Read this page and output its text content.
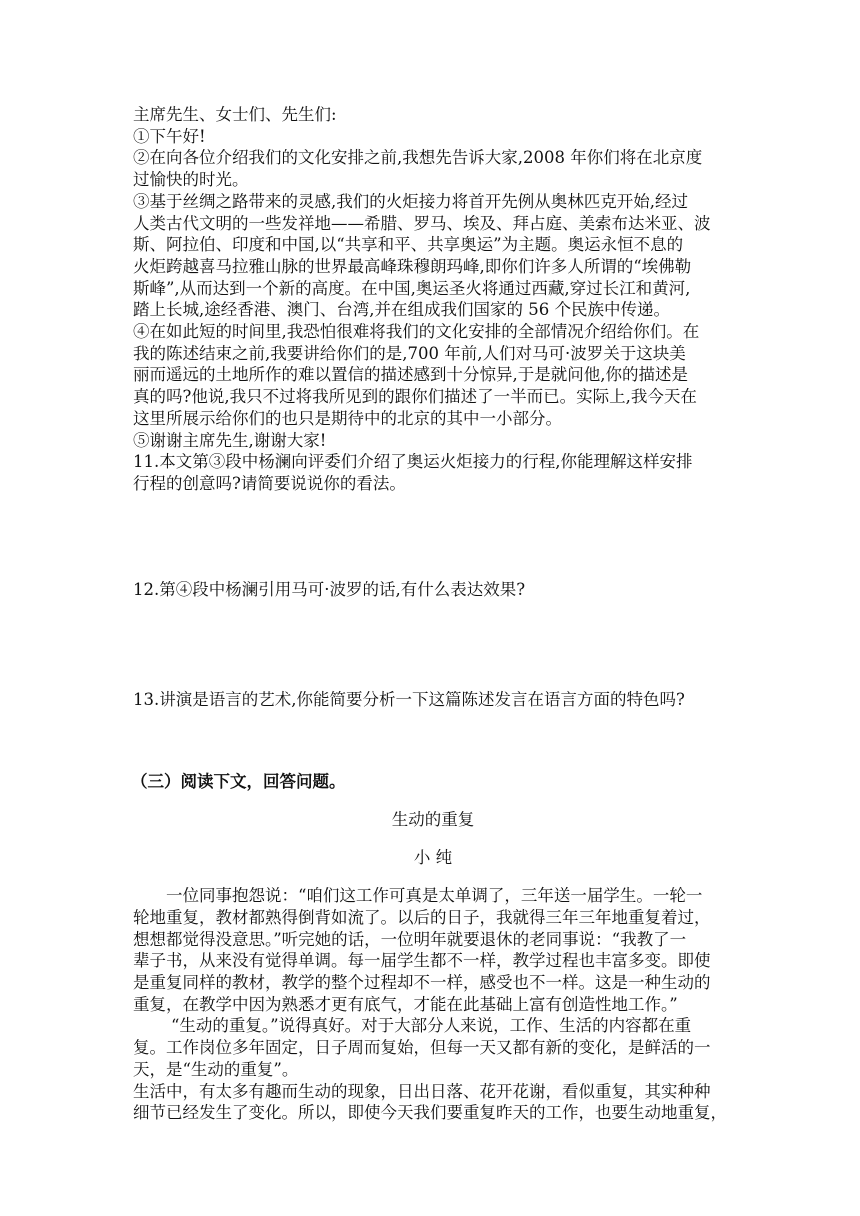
主席先生、女士们、先生们:

①下午好!

②在向各位介绍我们的文化安排之前,我想先告诉大家,2008 年你们将在北京度

过愉快的时光。

③基于丝绸之路带来的灵感,我们的火炬接力将首开先例从奥林匹克开始,经过

人类古代文明的一些发祥地——希腊、罗马、埃及、拜占庭、美索布达米亚、波

斯、阿拉伯、印度和中国,以“共享和平、共享奥运”为主题。奥运永恒不息的

火炬跨越喜马拉雅山脉的世界最高峰珠穆朗玛峰,即你们许多人所谓的“埃佛勒

斯峰”,从而达到一个新的高度。在中国,奥运圣火将通过西藏,穿过长江和黄河,

踏上长城,途经香港、澳门、台湾,并在组成我们国家的 56 个民族中传递。

④在如此短的时间里,我恐怕很难将我们的文化安排的全部情况介绍给你们。在

我的陈述结束之前,我要讲给你们的是,700 年前,人们对马可·波罗关于这块美

丽而遥远的土地所作的难以置信的描述感到十分惊异,于是就问他,你的描述是

真的吗?他说,我只不过将我所见到的跟你们描述了一半而已。实际上,我今天在

这里所展示给你们的也只是期待中的北京的其中一小部分。

⑤谢谢主席先生,谢谢大家!

11.本文第③段中杨澜向评委们介绍了奥运火炬接力的行程,你能理解这样安排

行程的创意吗?请简要说说你的看法。

12.第④段中杨澜引用马可·波罗的话,有什么表达效果?

13.讲演是语言的艺术,你能简要分析一下这篇陈述发言在语言方面的特色吗?

（三）阅读下文，回答问题。

生动的重复

小 纯

一位同事抱怨说：“咱们这工作可真是太单调了，三年送一届学生。一轮一

轮地重复，教材都熟得倒背如流了。以后的日子，我就得三年三年地重复着过，

想想都觉得没意思。”听完她的话，一位明年就要退休的老同事说：“我教了一

辈子书，从来没有觉得单调。每一届学生都不一样，教学过程也丰富多变。即使

是重复同样的教材，教学的整个过程却不一样，感受也不一样。这是一种生动的

重复，在教学中因为熟悉才更有底气，才能在此基础上富有创造性地工作。”

“生动的重复。”说得真好。对于大部分人来说，工作、生活的内容都在重

复。工作岗位多年固定，日子周而复始，但每一天又都有新的变化，是鲜活的一

天，是“生动的重复”。

生活中，有太多有趣而生动的现象，日出日落、花开花谢，看似重复，其实种种

细节已经发生了变化。所以，即使今天我们要重复昨天的工作，也要生动地重复，
